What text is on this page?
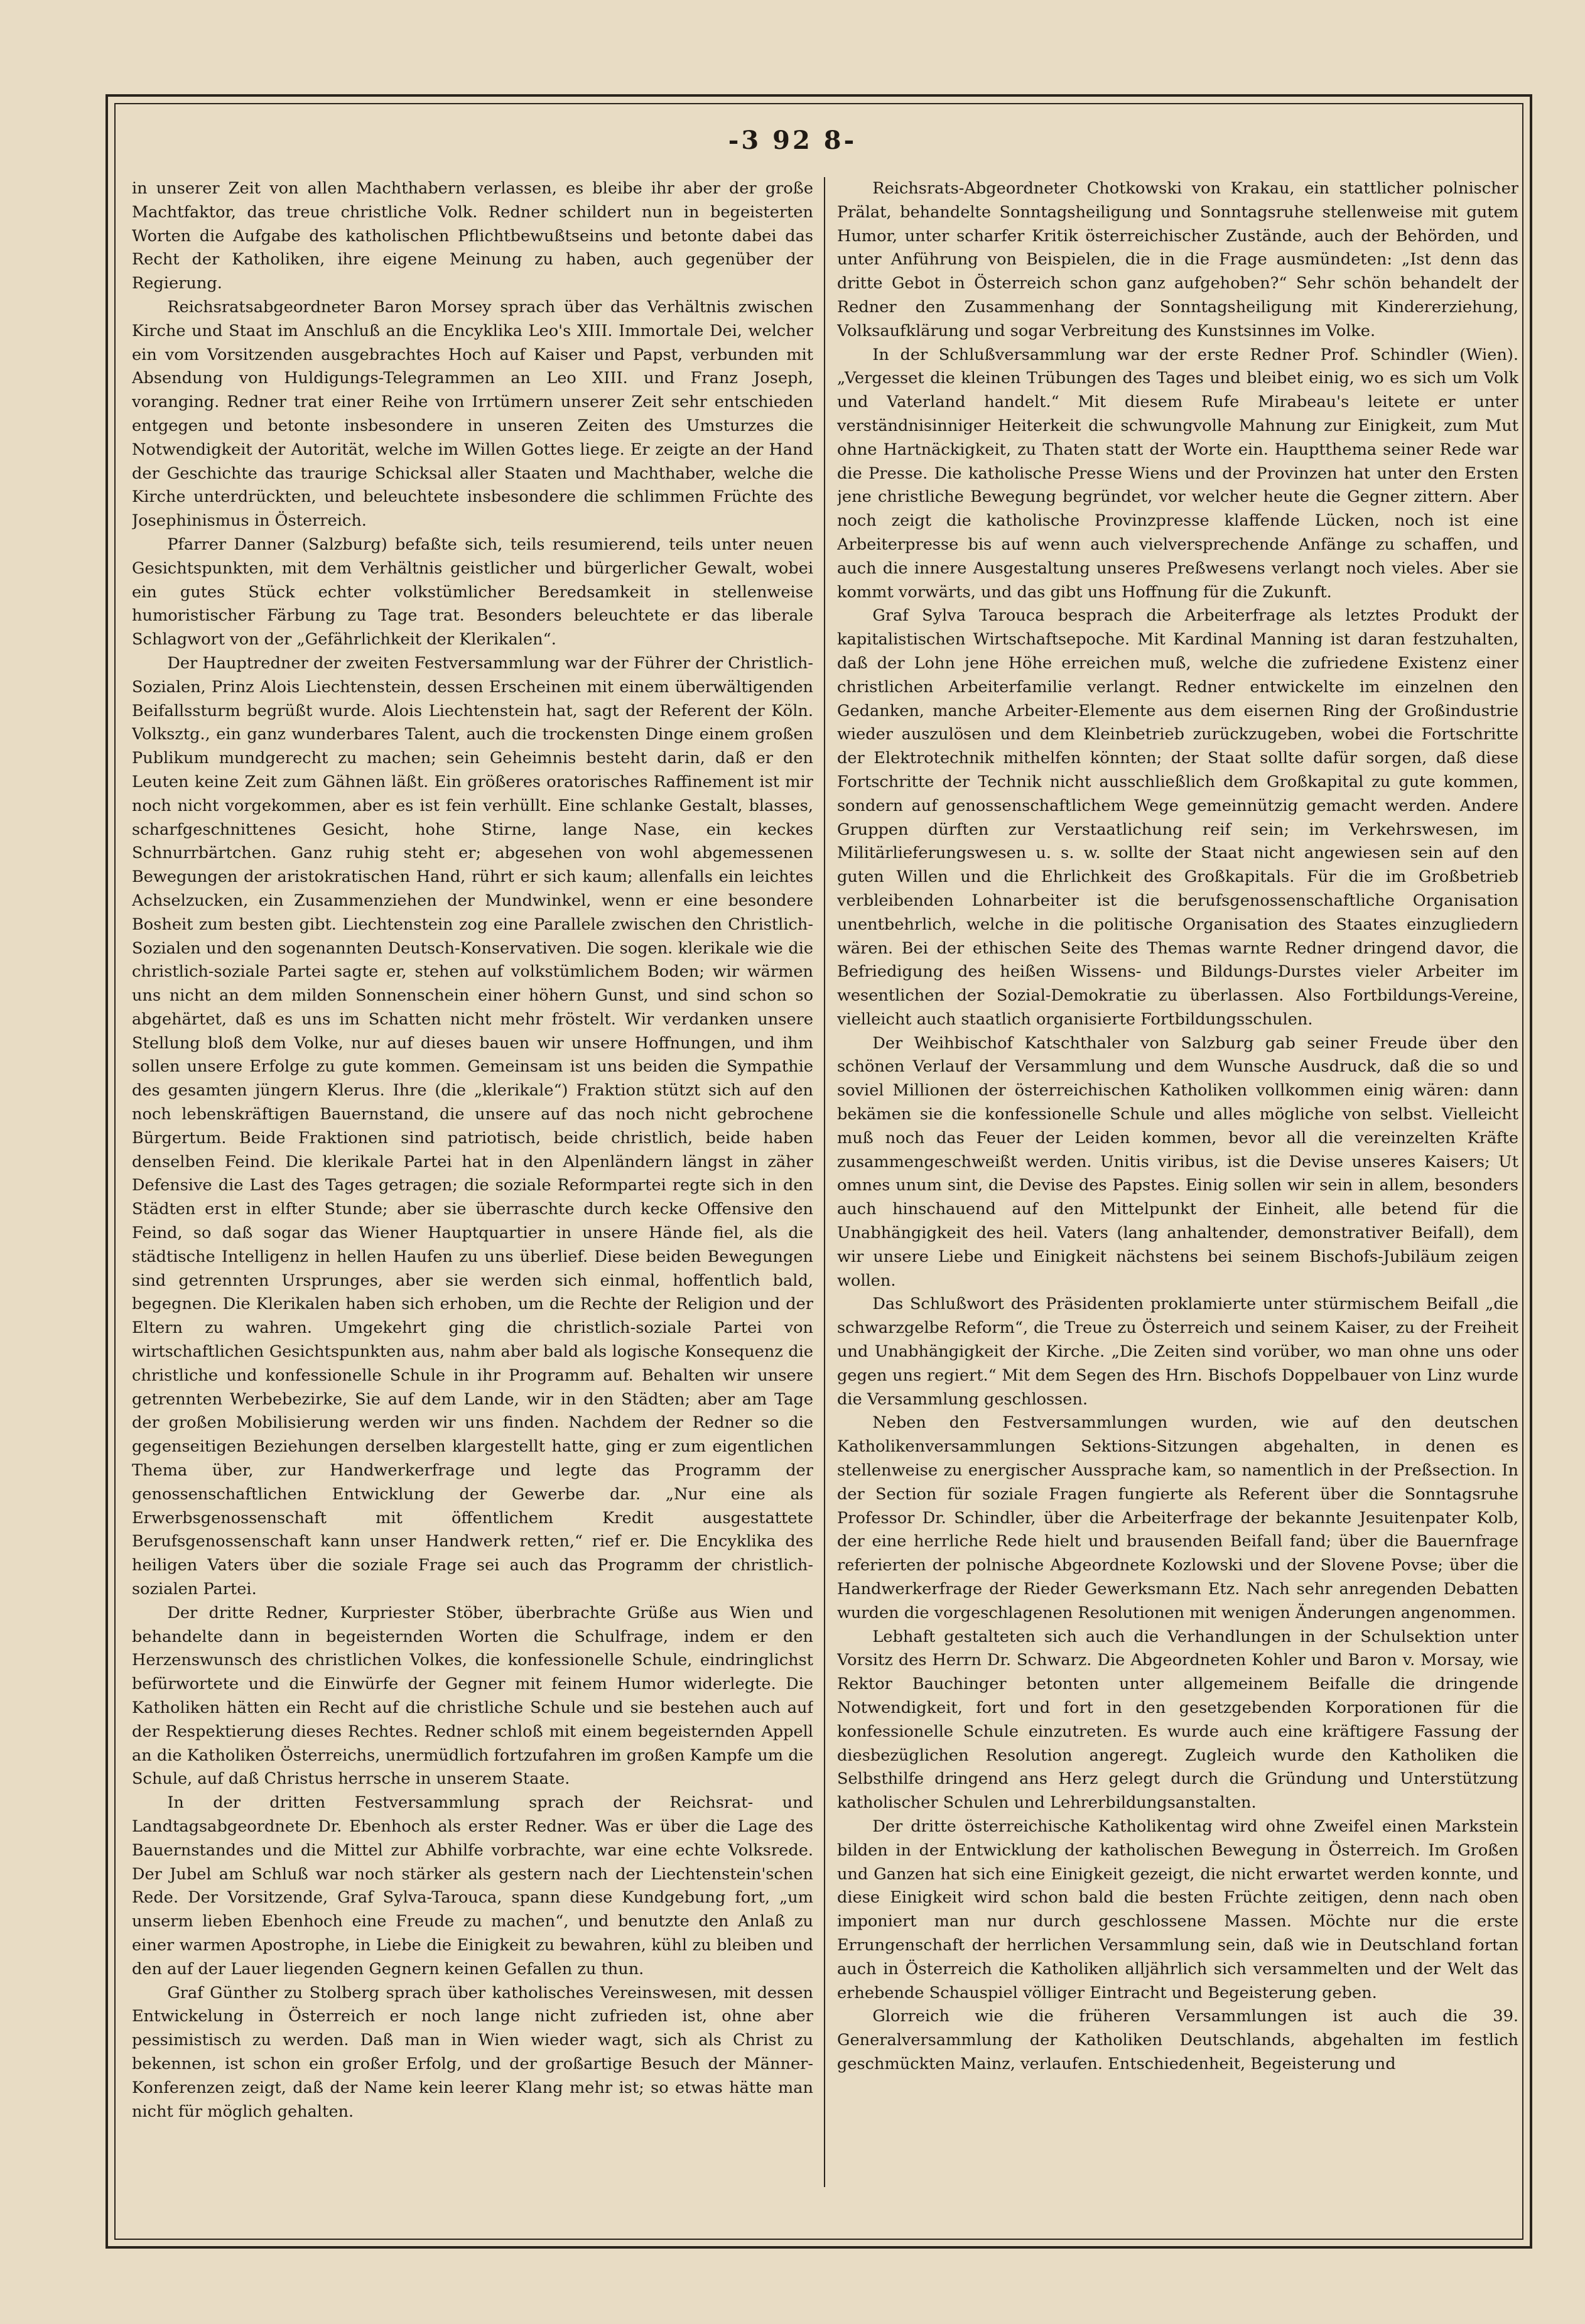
-3 92 8-

in unserer Zeit von allen Machthabern verlassen, es bleibe ihr aber der große Machtfaktor, das treue christliche Volk. Redner schildert nun in begeisterten Worten die Aufgabe des katholischen Pflichtbewußtseins und betonte dabei das Recht der Katholiken, ihre eigene Meinung zu haben, auch gegenüber der Regierung.

Reichsratsabgeordneter Baron Morsey sprach über das Verhältnis zwischen Kirche und Staat im Anschluß an die Encyklika Leo's XIII. Immortale Dei, welcher ein vom Vorsitzenden ausgebrachtes Hoch auf Kaiser und Papst, verbunden mit Absendung von Huldigungs-Telegrammen an Leo XIII. und Franz Joseph, voranging. Redner trat einer Reihe von Irrtümern unserer Zeit sehr entschieden entgegen und betonte insbesondere in unseren Zeiten des Umsturzes die Notwendigkeit der Autorität, welche im Willen Gottes liege. Er zeigte an der Hand der Geschichte das traurige Schicksal aller Staaten und Machthaber, welche die Kirche unterdrückten, und beleuchtete insbesondere die schlimmen Früchte des Josephinismus in Österreich.

Pfarrer Danner (Salzburg) befaßte sich, teils resumierend, teils unter neuen Gesichtspunkten, mit dem Verhältnis geistlicher und bürgerlicher Gewalt, wobei ein gutes Stück echter volkstümlicher Beredsamkeit in stellenweise humoristischer Färbung zu Tage trat. Besonders beleuchtete er das liberale Schlagwort von der „Gefährlichkeit der Klerikalen“.

Der Hauptredner der zweiten Festversammlung war der Führer der Christlich-Sozialen, Prinz Alois Liechtenstein, dessen Erscheinen mit einem überwältigenden Beifallssturm begrüßt wurde. Alois Liechtenstein hat, sagt der Referent der Köln. Volksztg., ein ganz wunderbares Talent, auch die trockensten Dinge einem großen Publikum mundgerecht zu machen; sein Geheimnis besteht darin, daß er den Leuten keine Zeit zum Gähnen läßt. Ein größeres oratorisches Raffinement ist mir noch nicht vorgekommen, aber es ist fein verhüllt. Eine schlanke Gestalt, blasses, scharfgeschnittenes Gesicht, hohe Stirne, lange Nase, ein keckes Schnurrbärtchen. Ganz ruhig steht er; abgesehen von wohl abgemessenen Bewegungen der aristokratischen Hand, rührt er sich kaum; allenfalls ein leichtes Achselzucken, ein Zusammenziehen der Mundwinkel, wenn er eine besondere Bosheit zum besten gibt. Liechtenstein zog eine Parallele zwischen den Christlich-Sozialen und den sogenannten Deutsch-Konservativen. Die sogen. klerikale wie die christlich-soziale Partei sagte er, stehen auf volkstümlichem Boden; wir wärmen uns nicht an dem milden Sonnenschein einer höhern Gunst, und sind schon so abgehärtet, daß es uns im Schatten nicht mehr fröstelt. Wir verdanken unsere Stellung bloß dem Volke, nur auf dieses bauen wir unsere Hoffnungen, und ihm sollen unsere Erfolge zu gute kommen. Gemeinsam ist uns beiden die Sympathie des gesamten jüngern Klerus. Ihre (die „klerikale“) Fraktion stützt sich auf den noch lebenskräftigen Bauernstand, die unsere auf das noch nicht gebrochene Bürgertum. Beide Fraktionen sind patriotisch, beide christlich, beide haben denselben Feind. Die klerikale Partei hat in den Alpenländern längst in zäher Defensive die Last des Tages getragen; die soziale Reformpartei regte sich in den Städten erst in elfter Stunde; aber sie überraschte durch kecke Offensive den Feind, so daß sogar das Wiener Hauptquartier in unsere Hände fiel, als die städtische Intelligenz in hellen Haufen zu uns überlief. Diese beiden Bewegungen sind getrennten Ursprunges, aber sie werden sich einmal, hoffentlich bald, begegnen. Die Klerikalen haben sich erhoben, um die Rechte der Religion und der Eltern zu wahren. Umgekehrt ging die christlich-soziale Partei von wirtschaftlichen Gesichtspunkten aus, nahm aber bald als logische Konsequenz die christliche und konfessionelle Schule in ihr Programm auf. Behalten wir unsere getrennten Werbebezirke, Sie auf dem Lande, wir in den Städten; aber am Tage der großen Mobilisierung werden wir uns finden. Nachdem der Redner so die gegenseitigen Beziehungen derselben klargestellt hatte, ging er zum eigentlichen Thema über, zur Handwerkerfrage und legte das Programm der genossenschaftlichen Entwicklung der Gewerbe dar. „Nur eine als Erwerbsgenossenschaft mit öffentlichem Kredit ausgestattete Berufsgenossenschaft kann unser Handwerk retten,“ rief er. Die Encyklika des heiligen Vaters über die soziale Frage sei auch das Programm der christlich-sozialen Partei.

Der dritte Redner, Kurpriester Stöber, überbrachte Grüße aus Wien und behandelte dann in begeisternden Worten die Schulfrage, indem er den Herzenswunsch des christlichen Volkes, die konfessionelle Schule, eindringlichst befürwortete und die Einwürfe der Gegner mit feinem Humor widerlegte. Die Katholiken hätten ein Recht auf die christliche Schule und sie bestehen auch auf der Respektierung dieses Rechtes. Redner schloß mit einem begeisternden Appell an die Katholiken Österreichs, unermüdlich fortzufahren im großen Kampfe um die Schule, auf daß Christus herrsche in unserem Staate.

In der dritten Festversammlung sprach der Reichsrat- und Landtagsabgeordnete Dr. Ebenhoch als erster Redner. Was er über die Lage des Bauernstandes und die Mittel zur Abhilfe vorbrachte, war eine echte Volksrede. Der Jubel am Schluß war noch stärker als gestern nach der Liechtenstein'schen Rede. Der Vorsitzende, Graf Sylva-Tarouca, spann diese Kundgebung fort, „um unserm lieben Ebenhoch eine Freude zu machen“, und benutzte den Anlaß zu einer warmen Apostrophe, in Liebe die Einigkeit zu bewahren, kühl zu bleiben und den auf der Lauer liegenden Gegnern keinen Gefallen zu thun.

Graf Günther zu Stolberg sprach über katholisches Vereinswesen, mit dessen Entwickelung in Österreich er noch lange nicht zufrieden ist, ohne aber pessimistisch zu werden. Daß man in Wien wieder wagt, sich als Christ zu bekennen, ist schon ein großer Erfolg, und der großartige Besuch der Männer-Konferenzen zeigt, daß der Name kein leerer Klang mehr ist; so etwas hätte man nicht für möglich gehalten.

Reichsrats-Abgeordneter Chotkowski von Krakau, ein stattlicher polnischer Prälat, behandelte Sonntagsheiligung und Sonntagsruhe stellenweise mit gutem Humor, unter scharfer Kritik österreichischer Zustände, auch der Behörden, und unter Anführung von Beispielen, die in die Frage ausmündeten: „Ist denn das dritte Gebot in Österreich schon ganz aufgehoben?“ Sehr schön behandelt der Redner den Zusammenhang der Sonntagsheiligung mit Kindererziehung, Volksaufklärung und sogar Verbreitung des Kunstsinnes im Volke.

In der Schlußversammlung war der erste Redner Prof. Schindler (Wien). „Vergesset die kleinen Trübungen des Tages und bleibet einig, wo es sich um Volk und Vaterland handelt.“ Mit diesem Rufe Mirabeau's leitete er unter verständnisinniger Heiterkeit die schwungvolle Mahnung zur Einigkeit, zum Mut ohne Hartnäckigkeit, zu Thaten statt der Worte ein. Hauptthema seiner Rede war die Presse. Die katholische Presse Wiens und der Provinzen hat unter den Ersten jene christliche Bewegung begründet, vor welcher heute die Gegner zittern. Aber noch zeigt die katholische Provinzpresse klaffende Lücken, noch ist eine Arbeiterpresse bis auf wenn auch vielversprechende Anfänge zu schaffen, und auch die innere Ausgestaltung unseres Preßwesens verlangt noch vieles. Aber sie kommt vorwärts, und das gibt uns Hoffnung für die Zukunft.

Graf Sylva Tarouca besprach die Arbeiterfrage als letztes Produkt der kapitalistischen Wirtschaftsepoche. Mit Kardinal Manning ist daran festzuhalten, daß der Lohn jene Höhe erreichen muß, welche die zufriedene Existenz einer christlichen Arbeiterfamilie verlangt. Redner entwickelte im einzelnen den Gedanken, manche Arbeiter-Elemente aus dem eisernen Ring der Großindustrie wieder auszulösen und dem Kleinbetrieb zurückzugeben, wobei die Fortschritte der Elektrotechnik mithelfen könnten; der Staat sollte dafür sorgen, daß diese Fortschritte der Technik nicht ausschließlich dem Großkapital zu gute kommen, sondern auf genossenschaftlichem Wege gemeinnützig gemacht werden. Andere Gruppen dürften zur Verstaatlichung reif sein; im Verkehrswesen, im Militärlieferungswesen u. s. w. sollte der Staat nicht angewiesen sein auf den guten Willen und die Ehrlichkeit des Großkapitals. Für die im Großbetrieb verbleibenden Lohnarbeiter ist die berufsgenossenschaftliche Organisation unentbehrlich, welche in die politische Organisation des Staates einzugliedern wären. Bei der ethischen Seite des Themas warnte Redner dringend davor, die Befriedigung des heißen Wissens- und Bildungs-Durstes vieler Arbeiter im wesentlichen der Sozial-Demokratie zu überlassen. Also Fortbildungs-Vereine, vielleicht auch staatlich organisierte Fortbildungsschulen.

Der Weihbischof Katschthaler von Salzburg gab seiner Freude über den schönen Verlauf der Versammlung und dem Wunsche Ausdruck, daß die so und soviel Millionen der österreichischen Katholiken vollkommen einig wären: dann bekämen sie die konfessionelle Schule und alles mögliche von selbst. Vielleicht muß noch das Feuer der Leiden kommen, bevor all die vereinzelten Kräfte zusammengeschweißt werden. Unitis viribus, ist die Devise unseres Kaisers; Ut omnes unum sint, die Devise des Papstes. Einig sollen wir sein in allem, besonders auch hinschauend auf den Mittelpunkt der Einheit, alle betend für die Unabhängigkeit des heil. Vaters (lang anhaltender, demonstrativer Beifall), dem wir unsere Liebe und Einigkeit nächstens bei seinem Bischofs-Jubiläum zeigen wollen.

Das Schlußwort des Präsidenten proklamierte unter stürmischem Beifall „die schwarzgelbe Reform“, die Treue zu Österreich und seinem Kaiser, zu der Freiheit und Unabhängigkeit der Kirche. „Die Zeiten sind vorüber, wo man ohne uns oder gegen uns regiert.“ Mit dem Segen des Hrn. Bischofs Doppelbauer von Linz wurde die Versammlung geschlossen.

Neben den Festversammlungen wurden, wie auf den deutschen Katholikenversammlungen Sektions-Sitzungen abgehalten, in denen es stellenweise zu energischer Aussprache kam, so namentlich in der Preßsection. In der Section für soziale Fragen fungierte als Referent über die Sonntagsruhe Professor Dr. Schindler, über die Arbeiterfrage der bekannte Jesuitenpater Kolb, der eine herrliche Rede hielt und brausenden Beifall fand; über die Bauernfrage referierten der polnische Abgeordnete Kozlowski und der Slovene Povse; über die Handwerkerfrage der Rieder Gewerksmann Etz. Nach sehr anregenden Debatten wurden die vorgeschlagenen Resolutionen mit wenigen Änderungen angenommen.

Lebhaft gestalteten sich auch die Verhandlungen in der Schulsektion unter Vorsitz des Herrn Dr. Schwarz. Die Abgeordneten Kohler und Baron v. Morsay, wie Rektor Bauchinger betonten unter allgemeinem Beifalle die dringende Notwendigkeit, fort und fort in den gesetzgebenden Korporationen für die konfessionelle Schule einzutreten. Es wurde auch eine kräftigere Fassung der diesbezüglichen Resolution angeregt. Zugleich wurde den Katholiken die Selbsthilfe dringend ans Herz gelegt durch die Gründung und Unterstützung katholischer Schulen und Lehrerbildungsanstalten.

Der dritte österreichische Katholikentag wird ohne Zweifel einen Markstein bilden in der Entwicklung der katholischen Bewegung in Österreich. Im Großen und Ganzen hat sich eine Einigkeit gezeigt, die nicht erwartet werden konnte, und diese Einigkeit wird schon bald die besten Früchte zeitigen, denn nach oben imponiert man nur durch geschlossene Massen. Möchte nur die erste Errungenschaft der herrlichen Versammlung sein, daß wie in Deutschland fortan auch in Österreich die Katholiken alljährlich sich versammelten und der Welt das erhebende Schauspiel völliger Eintracht und Begeisterung geben.

Glorreich wie die früheren Versammlungen ist auch die 39. Generalversammlung der Katholiken Deutschlands, abgehalten im festlich geschmückten Mainz, verlaufen. Entschiedenheit, Begeisterung und
